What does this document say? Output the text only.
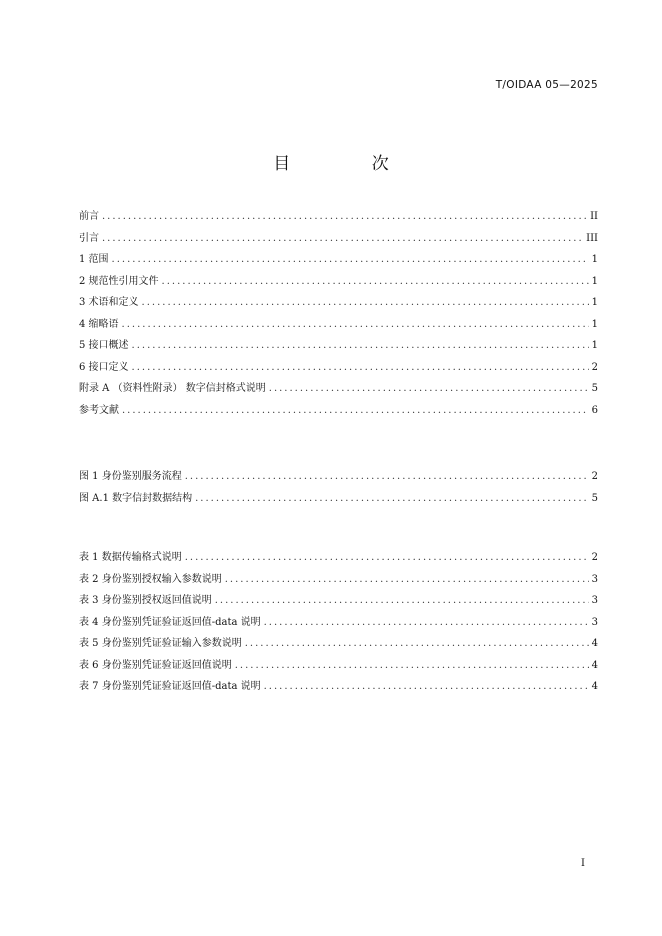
T/OIDAA 05—2025
目 次
前言 .....	II
引言 .....	III
1 范围 .....	1
2 规范性引用文件 .....	1
3 术语和定义 .....	1
4 缩略语 .....	1
5 接口概述 .....	1
6 接口定义 .....	2
附录 A （资料性附录） 数字信封格式说明 .....	5
参考文献 .....	6
图 1 身份鉴别服务流程 .....	2
图 A.1 数字信封数据结构 .....	5
表 1 数据传输格式说明 .....	2
表 2 身份鉴别授权输入参数说明 .....	3
表 3 身份鉴别授权返回值说明 .....	3
表 4 身份鉴别凭证验证返回值-data 说明 .....	3
表 5 身份鉴别凭证验证输入参数说明 .....	4
表 6 身份鉴别凭证验证返回值说明 .....	4
表 7 身份鉴别凭证验证返回值-data 说明 .....	4
I
